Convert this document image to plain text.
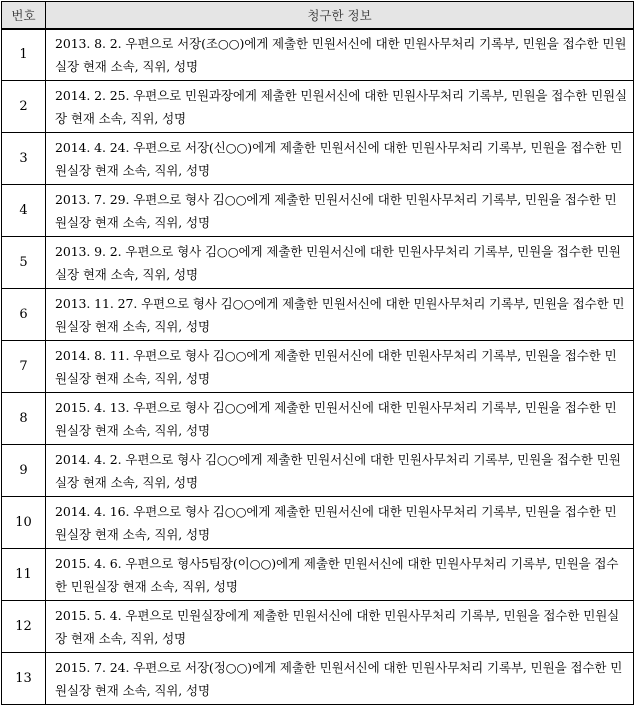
번호	청구한 정보
1	2013. 8. 2. 우편으로 서장(조○○)에게 제출한 민원서신에 대한 민원사무처리 기록부, 민원을 접수한 민원실장 현재 소속, 직위, 성명
2	2014. 2. 25. 우편으로 민원과장에게 제출한 민원서신에 대한 민원사무처리 기록부, 민원을 접수한 민원실장 현재 소속, 직위, 성명
3	2014. 4. 24. 우편으로 서장(신○○)에게 제출한 민원서신에 대한 민원사무처리 기록부, 민원을 접수한 민원실장 현재 소속, 직위, 성명
4	2013. 7. 29. 우편으로 형사 김○○에게 제출한 민원서신에 대한 민원사무처리 기록부, 민원을 접수한 민원실장 현재 소속, 직위, 성명
5	2013. 9. 2. 우편으로 형사 김○○에게 제출한 민원서신에 대한 민원사무처리 기록부, 민원을 접수한 민원실장 현재 소속, 직위, 성명
6	2013. 11. 27. 우편으로 형사 김○○에게 제출한 민원서신에 대한 민원사무처리 기록부, 민원을 접수한 민원실장 현재 소속, 직위, 성명
7	2014. 8. 11. 우편으로 형사 김○○에게 제출한 민원서신에 대한 민원사무처리 기록부, 민원을 접수한 민원실장 현재 소속, 직위, 성명
8	2015. 4. 13. 우편으로 형사 김○○에게 제출한 민원서신에 대한 민원사무처리 기록부, 민원을 접수한 민원실장 현재 소속, 직위, 성명
9	2014. 4. 2. 우편으로 형사 김○○에게 제출한 민원서신에 대한 민원사무처리 기록부, 민원을 접수한 민원실장 현재 소속, 직위, 성명
10	2014. 4. 16. 우편으로 형사 김○○에게 제출한 민원서신에 대한 민원사무처리 기록부, 민원을 접수한 민원실장 현재 소속, 직위, 성명
11	2015. 4. 6. 우편으로 형사5팀장(이○○)에게 제출한 민원서신에 대한 민원사무처리 기록부, 민원을 접수한 민원실장 현재 소속, 직위, 성명
12	2015. 5. 4. 우편으로 민원실장에게 제출한 민원서신에 대한 민원사무처리 기록부, 민원을 접수한 민원실장 현재 소속, 직위, 성명
13	2015. 7. 24. 우편으로 서장(정○○)에게 제출한 민원서신에 대한 민원사무처리 기록부, 민원을 접수한 민원실장 현재 소속, 직위, 성명
